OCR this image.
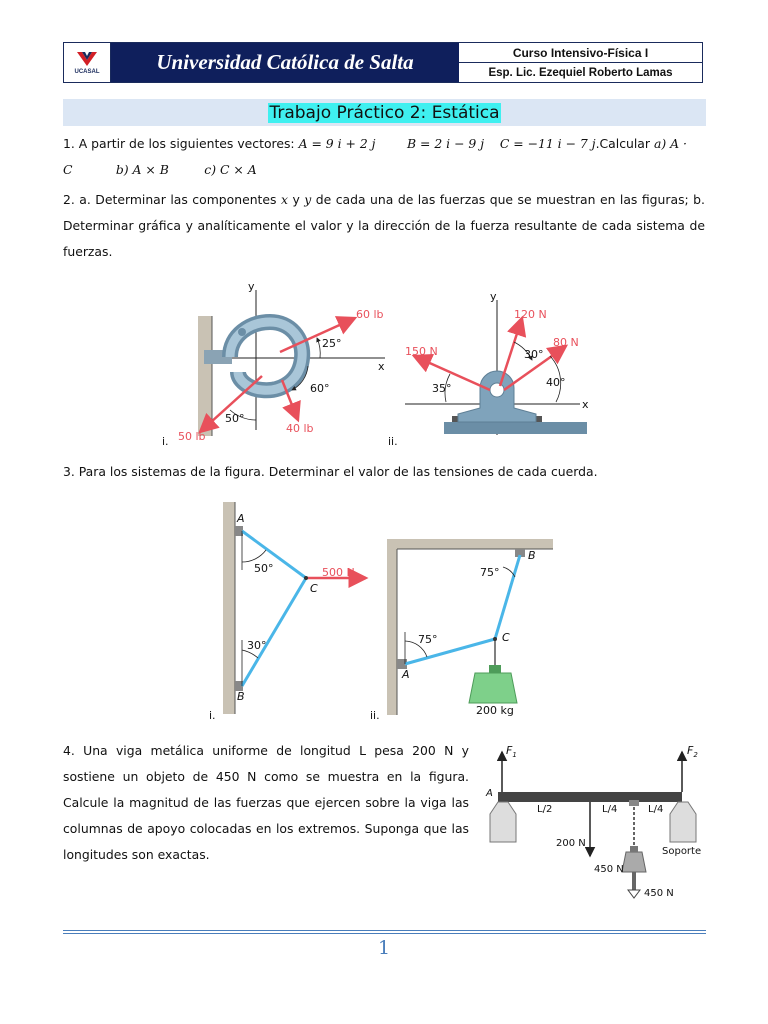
UCASAL	Universidad Católica de Salta	Curso Intensivo-Física I
Esp. Lic. Ezequiel Roberto Lamas
Trabajo Práctico 2: Estática
1. A partir de los siguientes vectores: A = 9 i + 2 j	B = 2 i − 9 j C = −11 i − 7 j.Calcular a) A ·
C	b) A × B	c) C × A
2. a. Determinar las componentes x y y de cada una de las fuerzas que se muestran en las figuras; b. Determinar gráfica y analíticamente el valor y la dirección de la fuerza resultante de cada sistema de fuerzas.
y
x
60 lb
25°
60°
50°
50 lb
40 lb
i.
y
x
120 N
80 N
150 N	30°
40°
35°
ii.
3. Para los sistemas de la figura. Determinar el valor de las tensiones de cada cuerda.
A
B
C
50°
30°
500 N
i.
B
A
C
75°
75°
200 kg
ii.
4. Una viga metálica uniforme de longitud L pesa 200 N y sostiene un objeto de 450 N como se muestra en la figura. Calcule la magnitud de las fuerzas que ejercen sobre la viga las columnas de apoyo colocadas en los extremos. Suponga que las longitudes son exactas.
$F_1$	$F_2$
A
L/2	L/4	L/4
200 N
450 N
450 N
Soporte
1
